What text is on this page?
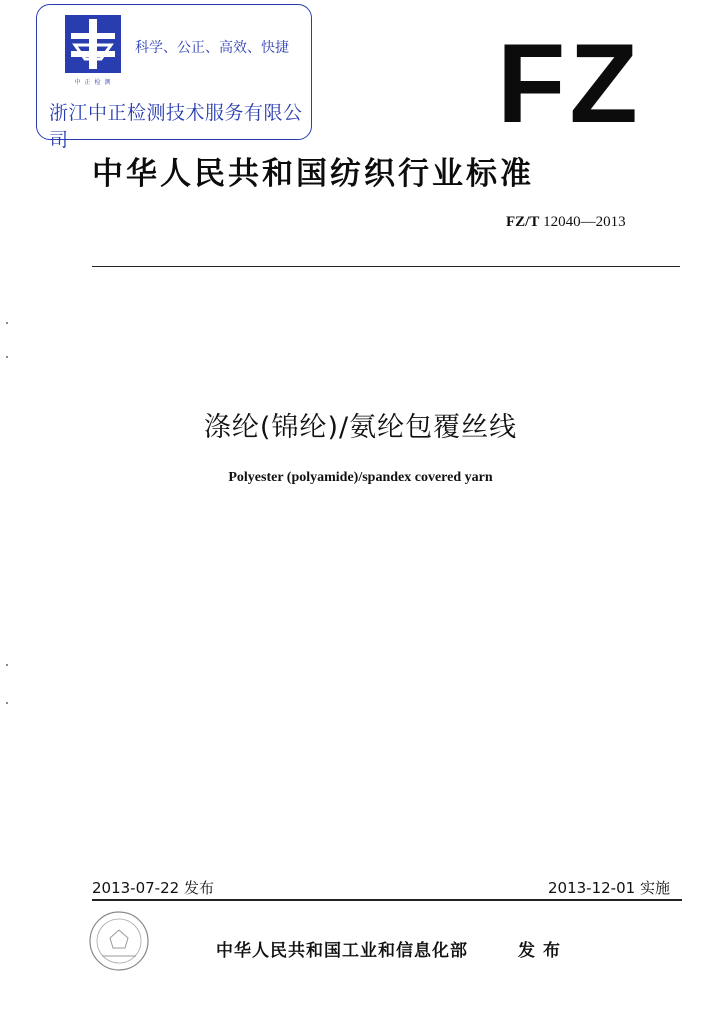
中 正 检 测
科学、公正、高效、快捷
浙江中正检测技术服务有限公司	FZ
中华人民共和国纺织行业标准
FZ/T 12040—2013
涤纶(锦纶)/氨纶包覆丝线
Polyester (polyamide)/spandex covered yarn
2013-07-22 发布	2013-12-01 实施
中华人民共和国工业和信息化部	发布
